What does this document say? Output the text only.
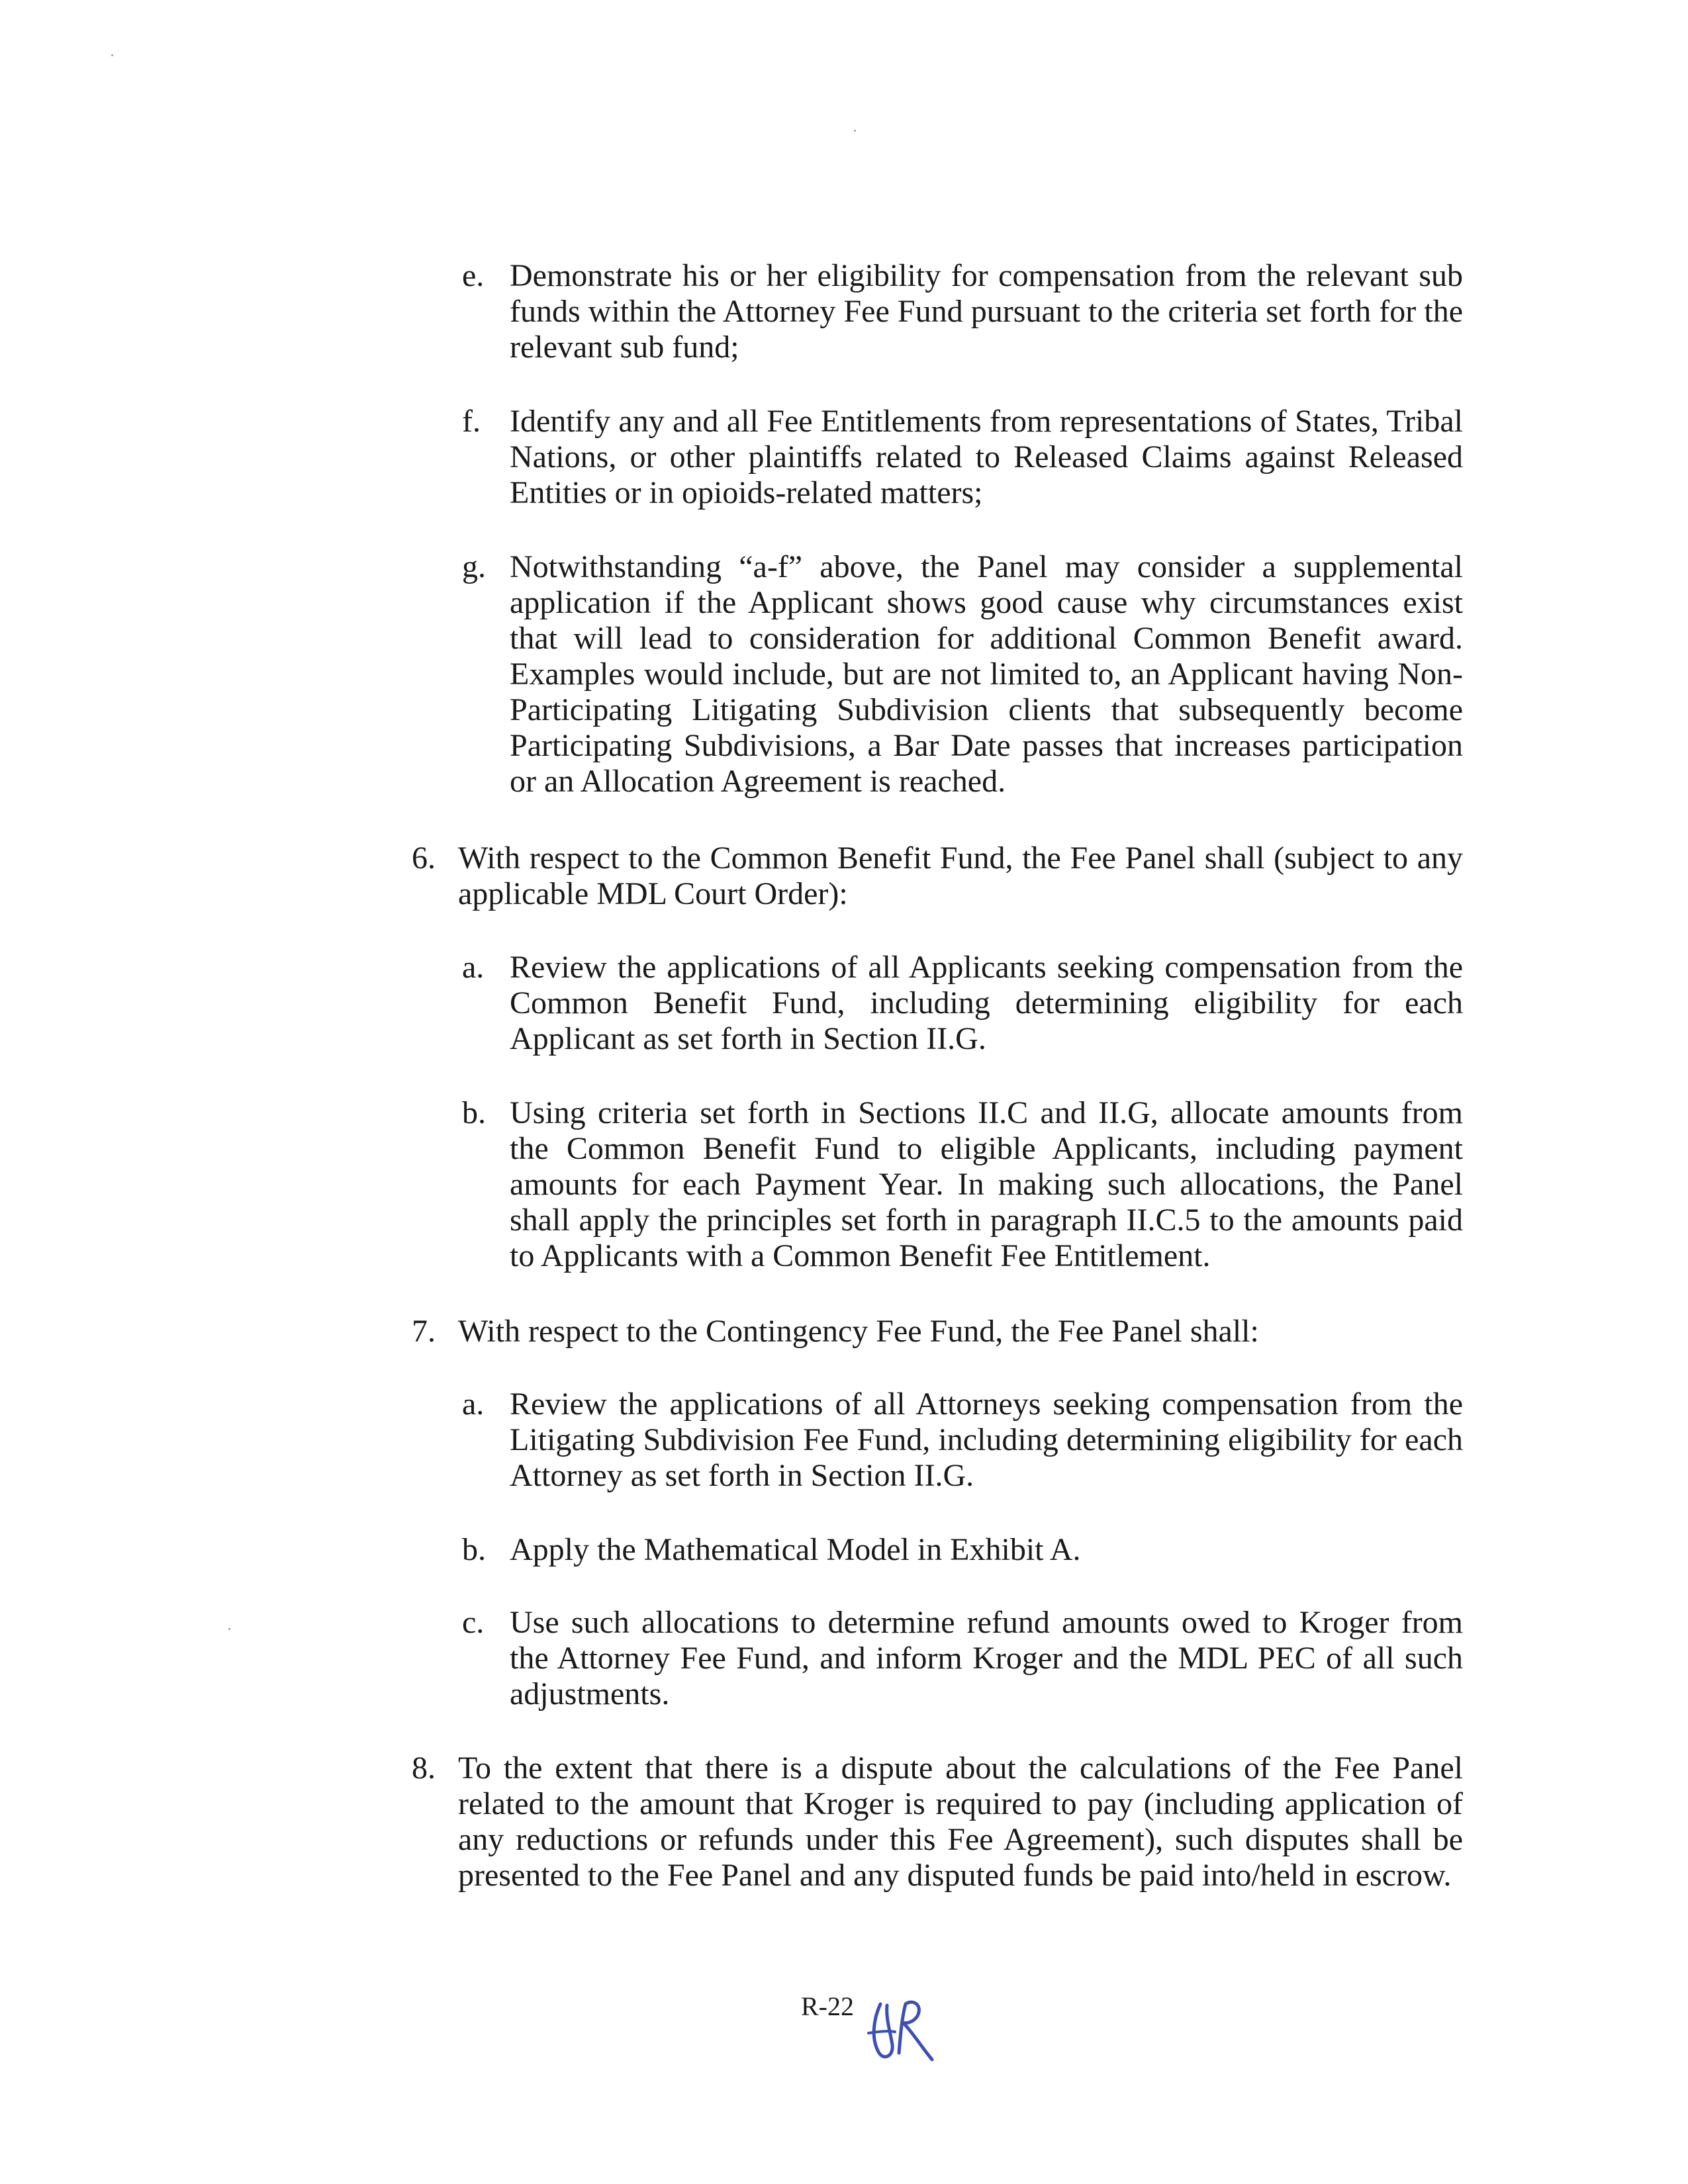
e. Demonstrate his or her eligibility for compensation from the relevant sub funds within the Attorney Fee Fund pursuant to the criteria set forth for the relevant sub fund;
f. Identify any and all Fee Entitlements from representations of States, Tribal Nations, or other plaintiffs related to Released Claims against Released Entities or in opioids-related matters;
g. Notwithstanding “a-f” above, the Panel may consider a supplemental application if the Applicant shows good cause why circumstances exist that will lead to consideration for additional Common Benefit award. Examples would include, but are not limited to, an Applicant having Non-Participating Litigating Subdivision clients that subsequently become Participating Subdivisions, a Bar Date passes that increases participation or an Allocation Agreement is reached.
6. With respect to the Common Benefit Fund, the Fee Panel shall (subject to any applicable MDL Court Order):
a. Review the applications of all Applicants seeking compensation from the Common Benefit Fund, including determining eligibility for each Applicant as set forth in Section II.G.
b. Using criteria set forth in Sections II.C and II.G, allocate amounts from the Common Benefit Fund to eligible Applicants, including payment amounts for each Payment Year. In making such allocations, the Panel shall apply the principles set forth in paragraph II.C.5 to the amounts paid to Applicants with a Common Benefit Fee Entitlement.
7. With respect to the Contingency Fee Fund, the Fee Panel shall:
a. Review the applications of all Attorneys seeking compensation from the Litigating Subdivision Fee Fund, including determining eligibility for each Attorney as set forth in Section II.G.
b. Apply the Mathematical Model in Exhibit A.
c. Use such allocations to determine refund amounts owed to Kroger from the Attorney Fee Fund, and inform Kroger and the MDL PEC of all such adjustments.
8. To the extent that there is a dispute about the calculations of the Fee Panel related to the amount that Kroger is required to pay (including application of any reductions or refunds under this Fee Agreement), such disputes shall be presented to the Fee Panel and any disputed funds be paid into/held in escrow.
R-22
